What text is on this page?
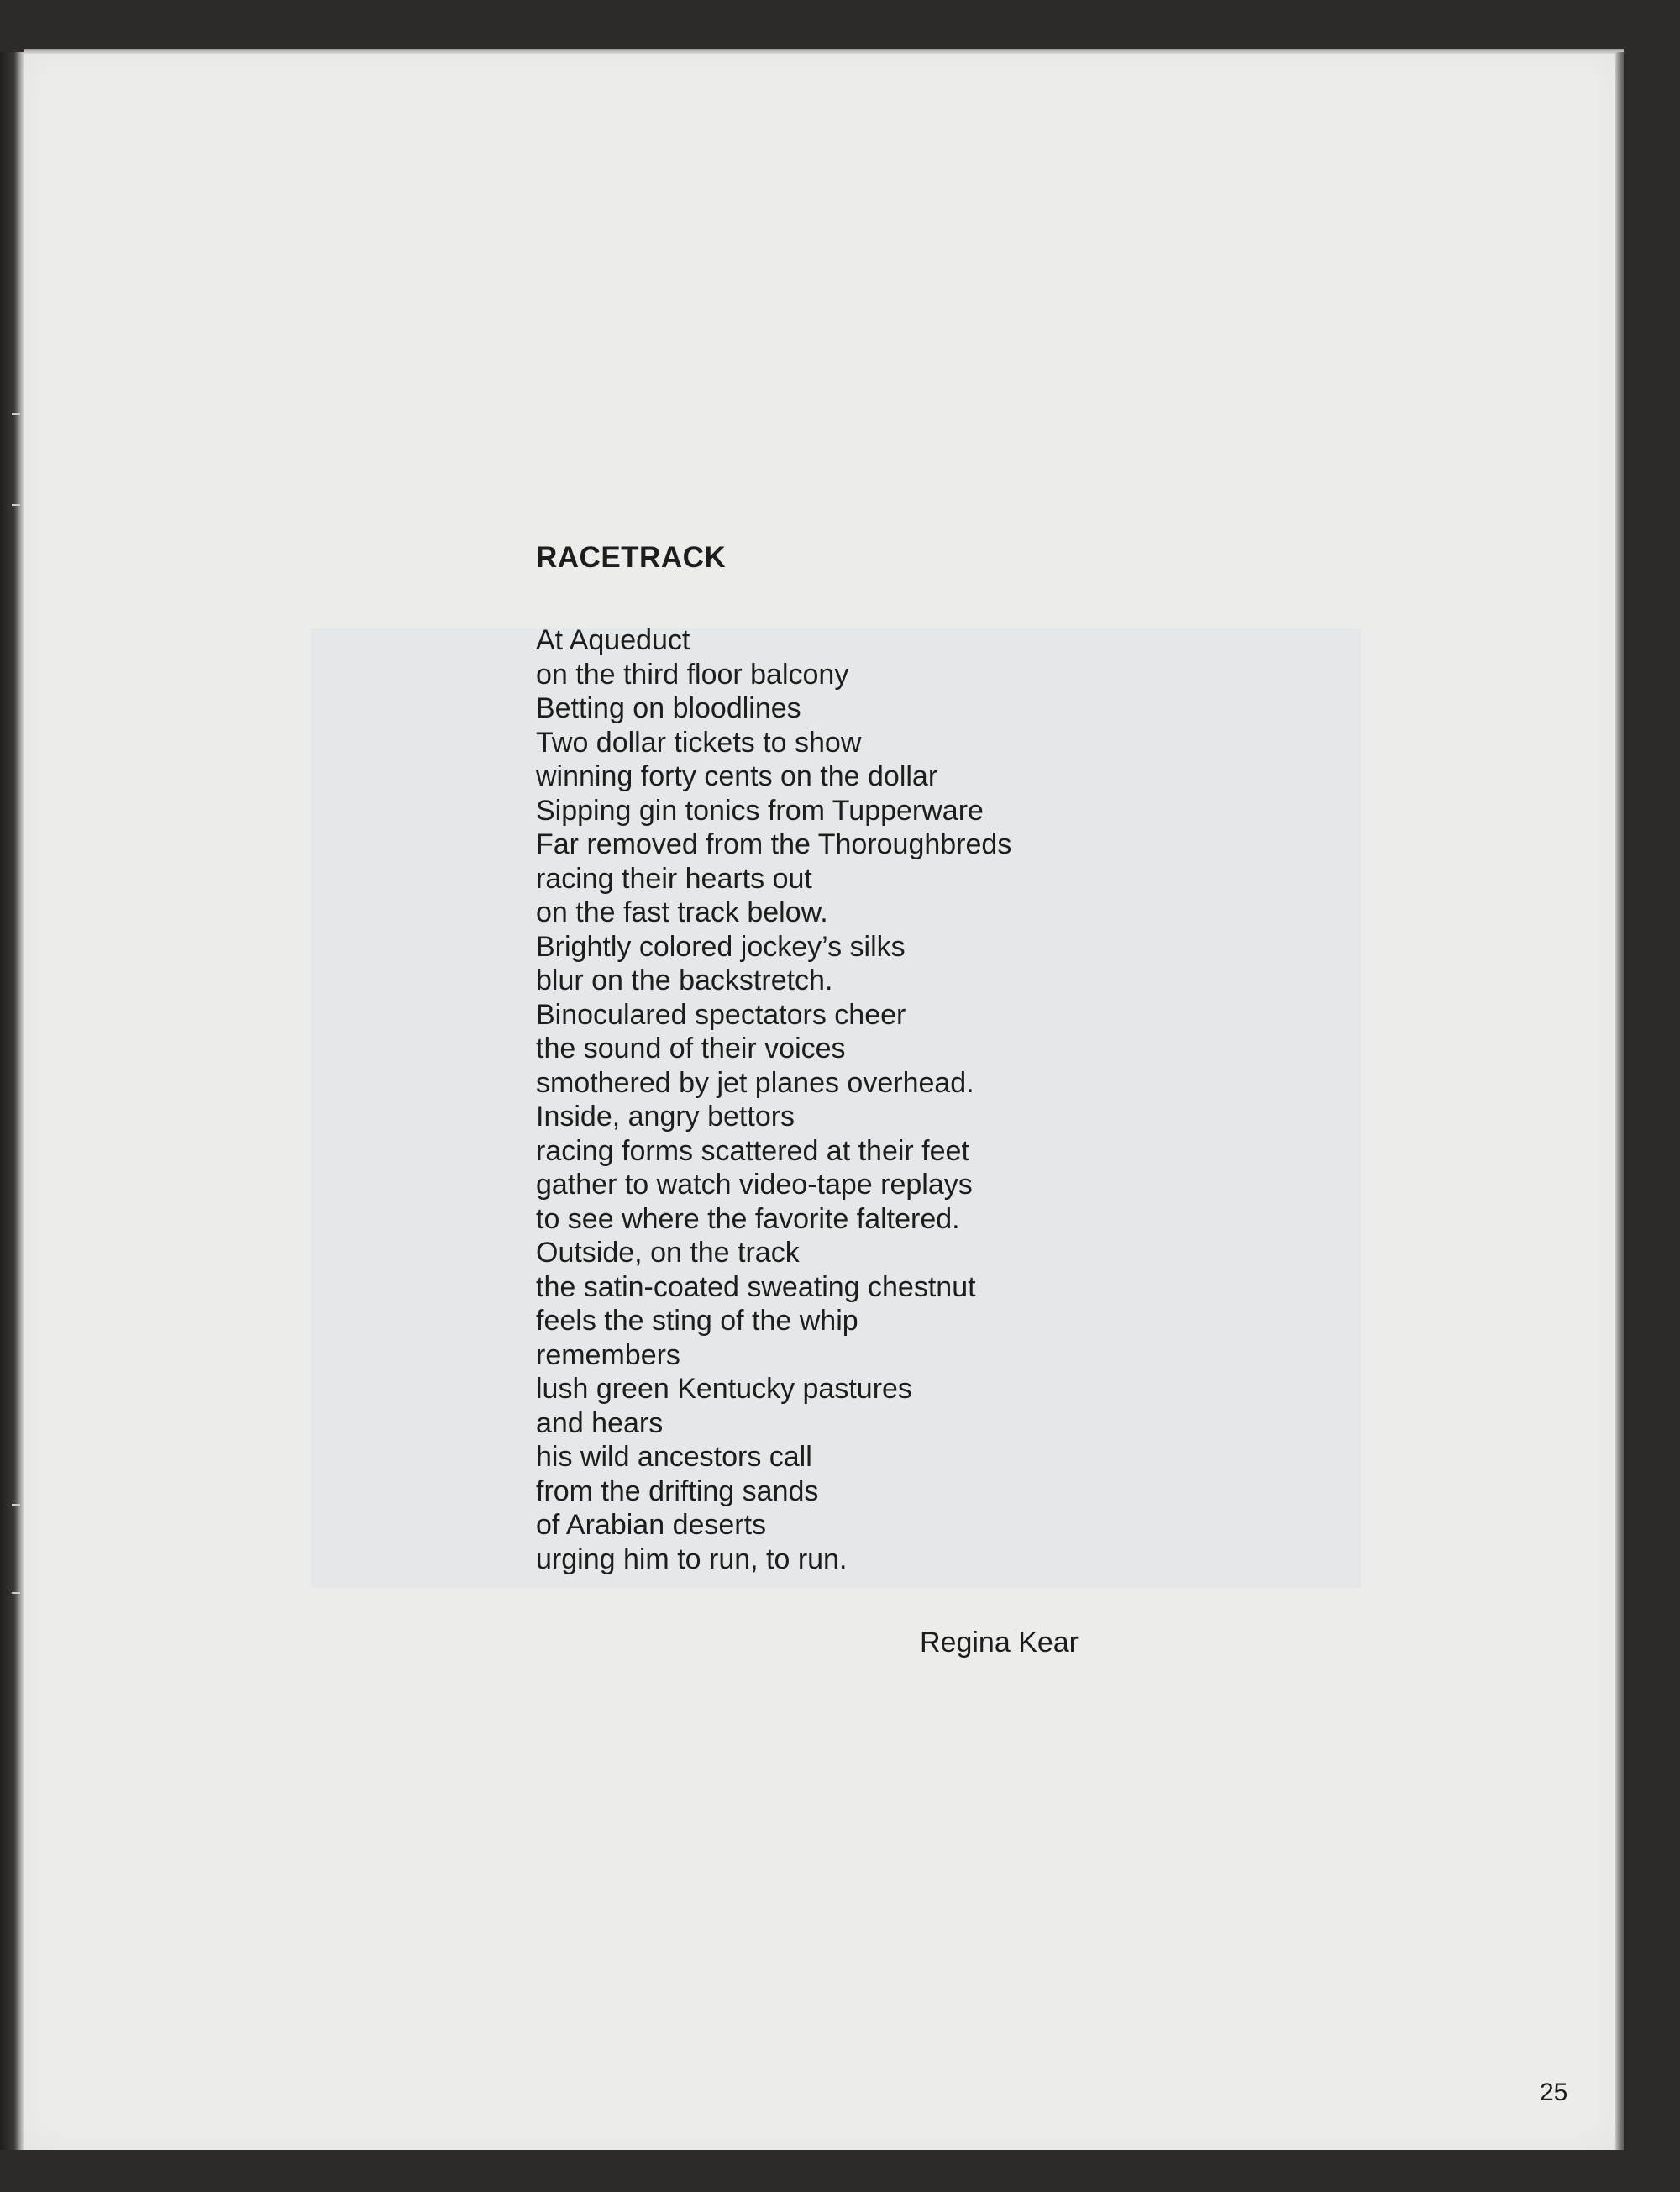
RACETRACK
At Aqueduct
on the third floor balcony
Betting on bloodlines
Two dollar tickets to show
winning forty cents on the dollar
Sipping gin tonics from Tupperware
Far removed from the Thoroughbreds
racing their hearts out
on the fast track below.
Brightly colored jockey’s silks
blur on the backstretch.
Binoculared spectators cheer
the sound of their voices
smothered by jet planes overhead.
Inside, angry bettors
racing forms scattered at their feet
gather to watch video-tape replays
to see where the favorite faltered.
Outside, on the track
the satin-coated sweating chestnut
feels the sting of the whip
remembers
lush green Kentucky pastures
and hears
his wild ancestors call
from the drifting sands
of Arabian deserts
urging him to run, to run.
Regina Kear
25
